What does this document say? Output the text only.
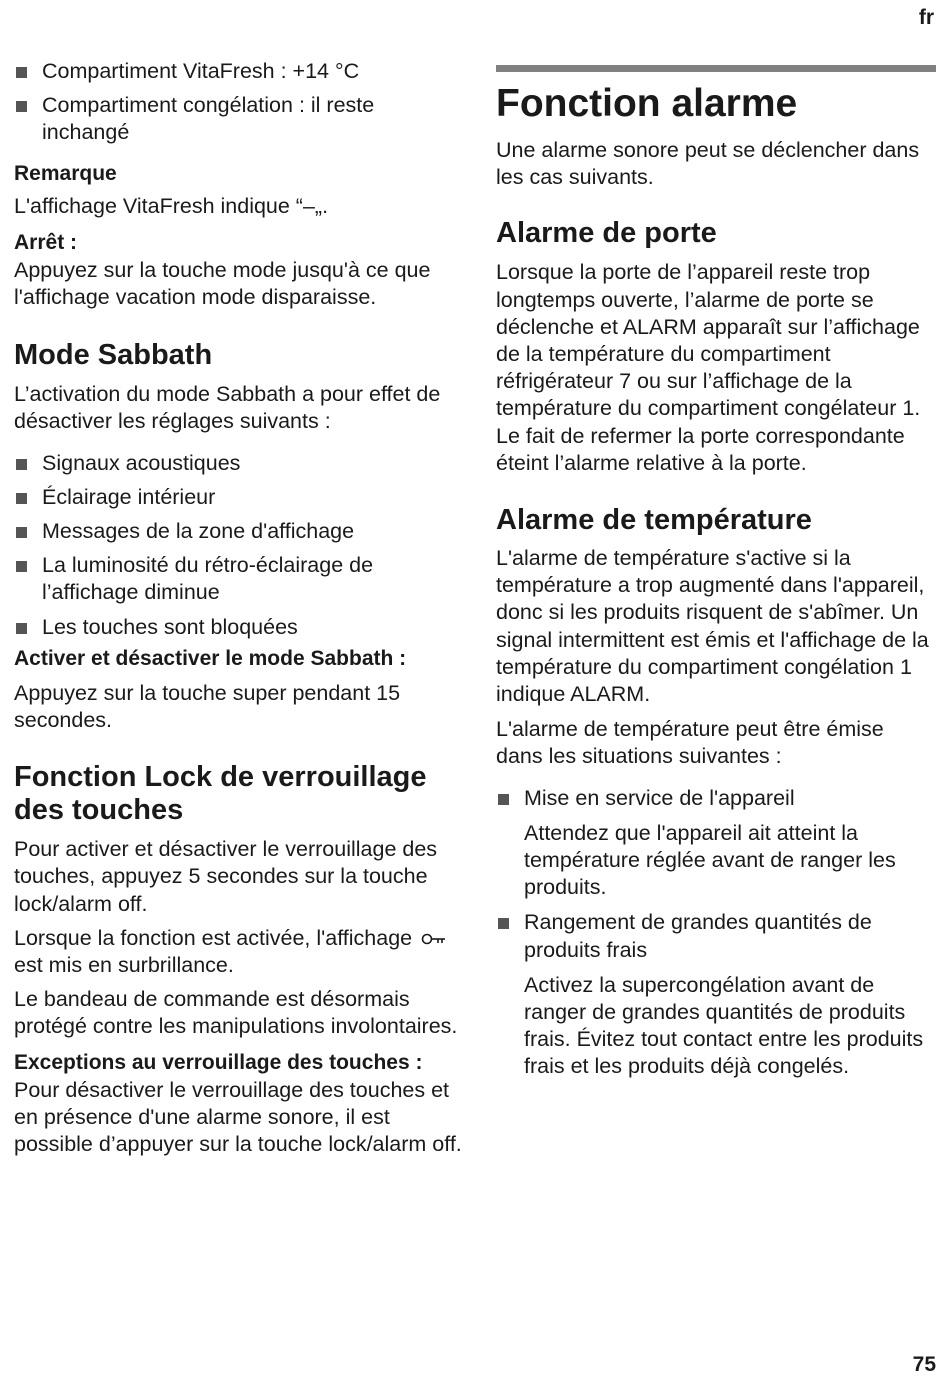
fr
Compartiment VitaFresh : +14 °C
Compartiment congélation : il reste inchangé

Remarque

L'affichage VitaFresh indique “–„.

Arrêt :

Appuyez sur la touche mode jusqu'à ce que l'affichage vacation mode disparaisse.

Mode Sabbath

L’activation du mode Sabbath a pour effet de désactiver les réglages suivants :

Signaux acoustiques
Éclairage intérieur
Messages de la zone d'affichage
La luminosité du rétro-éclairage de l’affichage diminue
Les touches sont bloquées

Activer et désactiver le mode Sabbath :

Appuyez sur la touche super pendant 15 secondes.

Fonction Lock de verrouillage des touches

Pour activer et désactiver le verrouillage des touches, appuyez 5 secondes sur la touche lock/alarm off.

Lorsque la fonction est activée, l'affichage  est mis en surbrillance.

Le bandeau de commande est désormais protégé contre les manipulations involontaires.

Exceptions au verrouillage des touches :

Pour désactiver le verrouillage des touches et en présence d'une alarme sonore, il est possible d’appuyer sur la touche lock/alarm off.

Fonction alarme

Une alarme sonore peut se déclencher dans les cas suivants.

Alarme de porte

Lorsque la porte de l’appareil reste trop longtemps ouverte, l’alarme de porte se déclenche et ALARM apparaît sur l’affichage de la température du compartiment réfrigérateur 7 ou sur l’affichage de la température du compartiment congélateur 1. Le fait de refermer la porte correspondante éteint l’alarme relative à la porte.

Alarme de température

L'alarme de température s'active si la température a trop augmenté dans l'appareil, donc si les produits risquent de s'abîmer. Un signal intermittent est émis et l'affichage de la température du compartiment congélation 1 indique ALARM.

L'alarme de température peut être émise dans les situations suivantes :

Mise en service de l'appareil
Attendez que l'appareil ait atteint la température réglée avant de ranger les produits.
Rangement de grandes quantités de produits frais
Activez la supercongélation avant de ranger de grandes quantités de produits frais. Évitez tout contact entre les produits frais et les produits déjà congelés.
75
